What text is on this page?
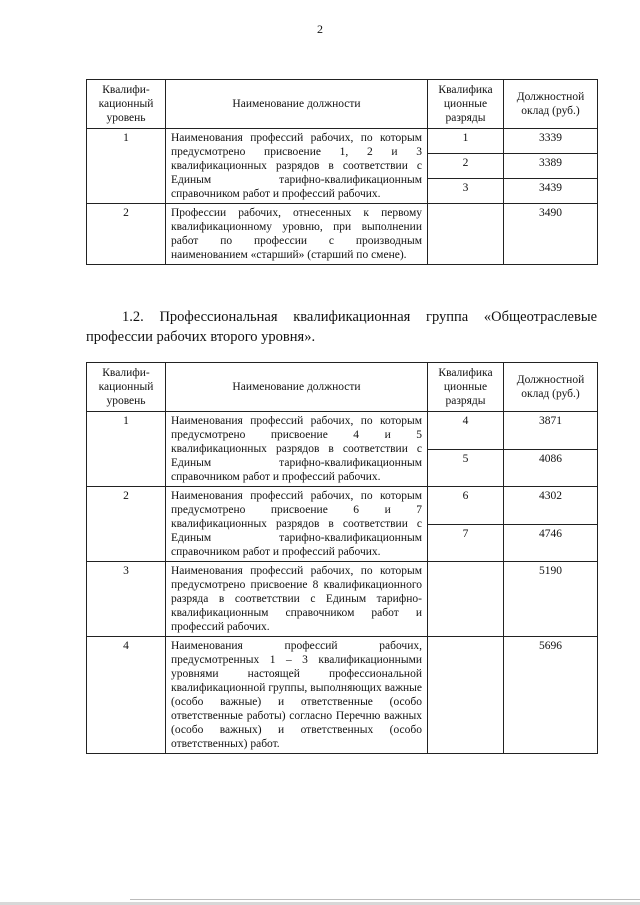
2
Квалифи-
кационный
уровень	Наименование должности	Квалифика
ционные
разряды	Должностной
оклад (руб.)
1	Наименования профессий рабочих, по которым предусмотрено присвоение 1, 2 и 3 квалификационных разрядов в соответствии с Единым тарифно-квалификационным справочником работ и профессий рабочих.	1	3339
		2	3389
		3	3439
2	Профессии рабочих, отнесенных к первому квалификационному уровню, при выполнении работ по профессии с производным наименованием «старший» (старший по смене).		3490
1.2. Профессиональная квалификационная группа «Общеотраслевые профессии рабочих второго уровня».
Квалифи-
кационный
уровень	Наименование должности	Квалифика
ционные
разряды	Должностной
оклад (руб.)
1	Наименования профессий рабочих, по которым предусмотрено присвоение 4 и 5 квалификационных разрядов в соответствии с Единым тарифно-квалификационным справочником работ и профессий рабочих.	4	3871
		5	4086
2	Наименования профессий рабочих, по которым предусмотрено присвоение 6 и 7 квалификационных разрядов в соответствии с Единым тарифно-квалификационным справочником работ и профессий рабочих.	6	4302
		7	4746
3	Наименования профессий рабочих, по которым предусмотрено присвоение 8 квалификационного разряда в соответствии с Единым тарифно-квалификационным справочником работ и профессий рабочих.		5190
4	Наименования профессий рабочих, предусмотренных 1 – 3 квалификационными уровнями настоящей профессиональной квалификационной группы, выполняющих важные (особо важные) и ответственные (особо ответственные работы) согласно Перечню важных (особо важных) и ответственных (особо ответственных) работ.		5696
